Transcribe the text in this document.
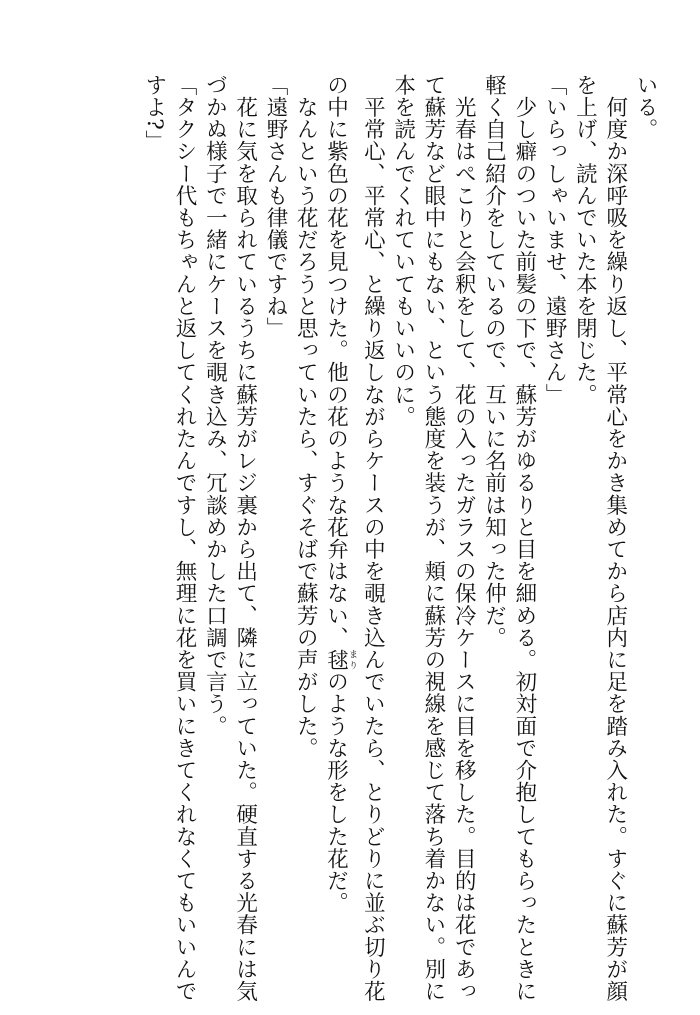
いる。
　何度か深呼吸を繰り返し、平常心をかき集めてから店内に足を踏み入れた。すぐに蘇芳が顔
を上げ、読んでいた本を閉じた。
「いらっしゃいませ、遠野さん」
　少し癖のついた前髪の下で、蘇芳がゆるりと目を細める。初対面で介抱してもらったときに
軽く自己紹介をしているので、互いに名前は知った仲だ。
　光春はぺこりと会釈をして、花の入ったガラスの保冷ケースに目を移した。目的は花であっ
て蘇芳など眼中にもない、という態度を装うが、頬に蘇芳の視線を感じて落ち着かない。別に
本を読んでくれていてもいいのに。
　平常心、平常心、と繰り返しながらケースの中を覗き込んでいたら、とりどりに並ぶ切り花
の中に紫色の花を見つけた。他の花のような花弁はない、毬まりのような形をした花だ。
　なんという花だろうと思っていたら、すぐそばで蘇芳の声がした。
「遠野さんも律儀ですね」
　花に気を取られているうちに蘇芳がレジ裏から出て、隣に立っていた。硬直する光春には気
づかぬ様子で一緒にケースを覗き込み、冗談めかした口調で言う。
「タクシー代もちゃんと返してくれたんですし、無理に花を買いにきてくれなくてもいいんで
すよ?」
